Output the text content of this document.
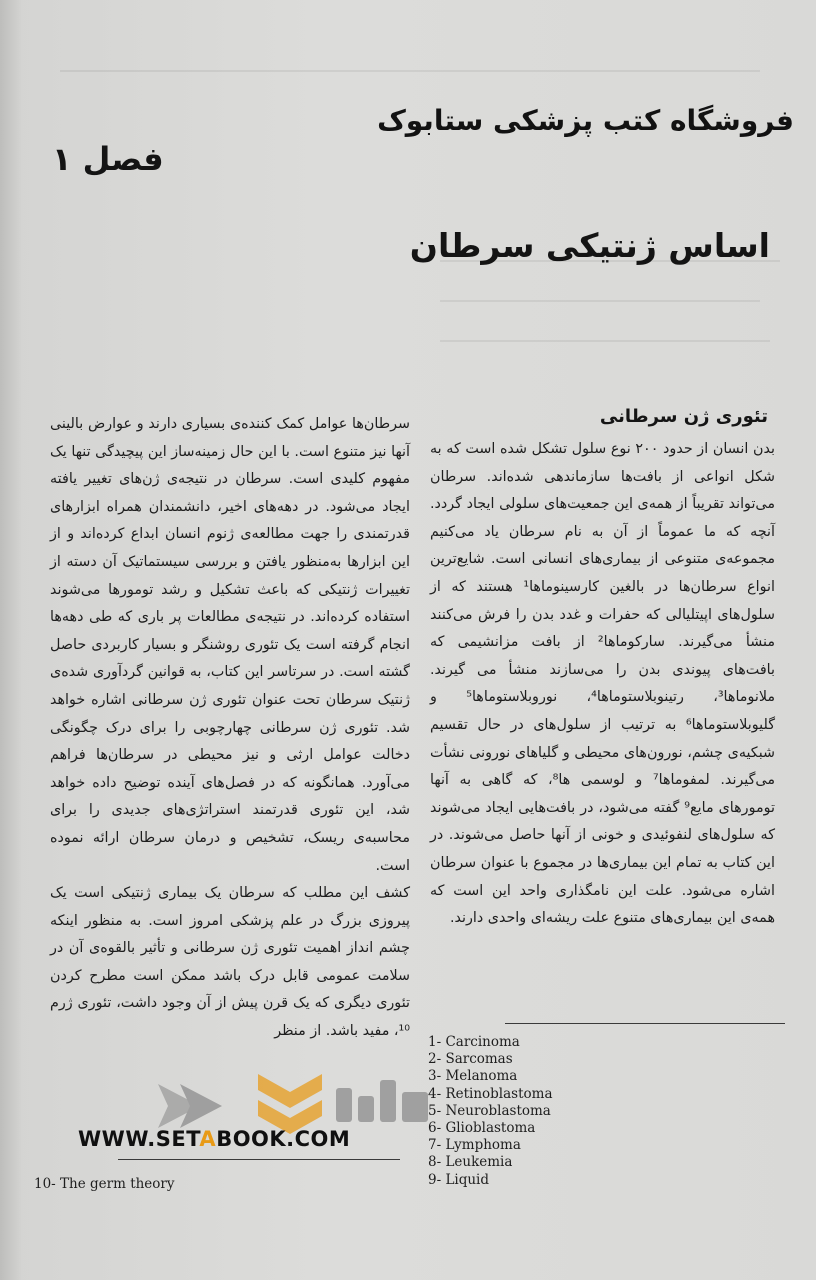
فروشگاه کتب پزشکی ستابوک
فصل ۱
اساس ژنتیکی سرطان
تئوری ژن سرطانی

بدن انسان از حدود ۲۰۰ نوع سلول تشکل شده است که به شکل انواعی از بافت‌ها سازماندهی شده‌اند. سرطان می‌تواند تقریباً از همه‌ی این جمعیت‌های سلولی ایجاد گردد. آنچه که ما عموماً از آن به نام سرطان یاد می‌کنیم مجموعه‌ی متنوعی از بیماری‌های انسانی است. شایع‌ترین انواع سرطان‌ها در بالغین کارسینوماها¹ هستند که از سلول‌های اپیتلیالی که حفرات و غدد بدن را فرش می‌کنند منشأ می‌گیرند. سارکوماها² از بافت مزانشیمی که بافت‌های پیوندی بدن را می‌سازند منشأ می گیرند. ملانوماها³، رتینوبلاستوماها⁴، نوروبلاستوماها⁵ و گلیوبلاستوماها⁶ به ترتیب از سلول‌های در حال تقسیم شبکیه‌ی چشم، نورون‌های محیطی و گلیاهای نورونی نشأت می‌گیرند. لمفوماها⁷ و لوسمی ها⁸، که گاهی به آنها تومورهای مایع⁹ گفته می‌شود، در بافت‌هایی ایجاد می‌شوند که سلول‌های لنفوئیدی و خونی از آنها حاصل می‌شوند. در این کتاب به تمام این بیماری‌ها در مجموع با عنوان سرطان اشاره می‌شود. علت این نامگذاری واحد این است که همه‌ی این بیماری‌های متنوع علت ریشه‌ای واحدی دارند.

سرطان‌ها عوامل کمک کننده‌ی بسیاری دارند و عوارض بالینی آنها نیز متنوع است. با این حال زمینه‌ساز این پیچیدگی تنها یک مفهوم کلیدی است. سرطان در نتیجه‌ی ژن‌های تغییر یافته ایجاد می‌شود. در دهه‌های اخیر، دانشمندان همراه ابزارهای قدرتمندی را جهت مطالعه‌ی ژنوم انسان ابداع کرده‌اند و از این ابزارها به‌منظور یافتن و بررسی سیستماتیک آن دسته از تغییرات ژنتیکی که باعث تشکیل و رشد تومورها می‌شوند استفاده کرده‌اند. در نتیجه‌ی مطالعات پر باری که طی دهه‌ها انجام گرفته است یک تئوری روشنگر و بسیار کاربردی حاصل گشته است. در سرتاسر این کتاب، به قوانین گردآوری شده‌ی ژنتیک سرطان تحت عنوان تئوری ژن سرطانی اشاره خواهد شد. تئوری ژن سرطانی چهارچوبی را برای درک چگونگی دخالت عوامل ارثی و نیز محیطی در سرطان‌ها فراهم می‌آورد. همانگونه که در فصل‌های آینده توضیح داده خواهد شد، این تئوری قدرتمند استراتژی‌های جدیدی را برای محاسبه‌ی ریسک، تشخیص و درمان سرطان ارائه نموده است.

کشف این مطلب که سرطان یک بیماری ژنتیکی است یک پیروزی بزرگ در علم پزشکی امروز است. به منظور اینکه چشم انداز اهمیت تئوری ژن سرطانی و تأثیر بالقوه‌ی آن در سلامت عمومی قابل درک باشد ممکن است مطرح کردن تئوری دیگری که یک قرن پیش از آن وجود داشت، تئوری ژرم ¹⁰، مفید باشد. از منظر

1- Carcinoma
2- Sarcomas
3- Melanoma
4- Retinoblastoma
5- Neuroblastoma
6- Glioblastoma
7- Lymphoma
8- Leukemia
9- Liquid
10- The germ theory
WWW.SETABOOK.COM
